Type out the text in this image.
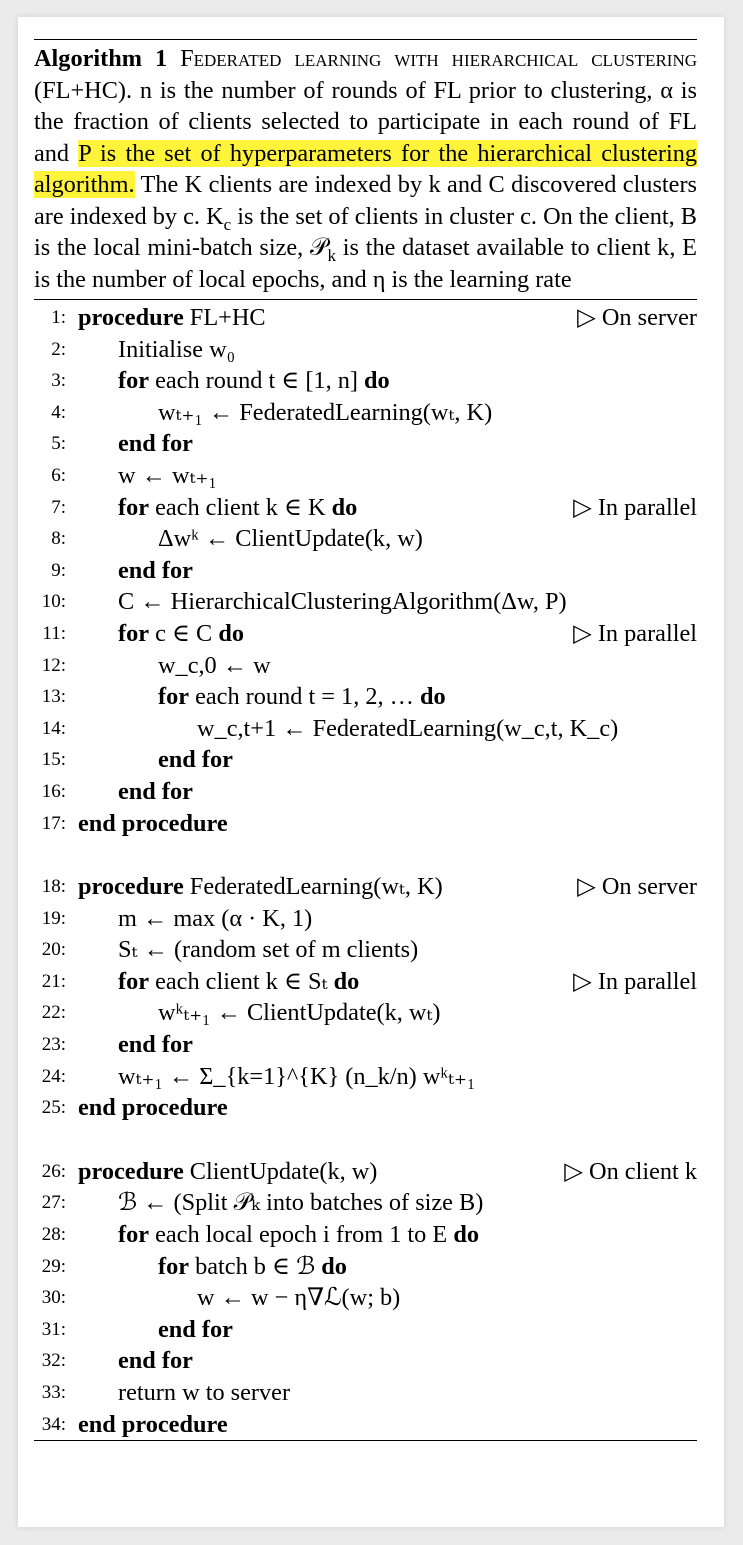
Algorithm 1 Federated learning with hierarchical clustering (FL+HC). n is the number of rounds of FL prior to clustering, α is the fraction of clients selected to participate in each round of FL and P is the set of hyperparameters for the hierarchical clustering algorithm. The K clients are indexed by k and C discovered clusters are indexed by c. $K_c$ is the set of clients in cluster c. On the client, B is the local mini-batch size, 𝒫$_k$ is the dataset available to client k, E is the number of local epochs, and η is the learning rate
1: procedure FL+HC	▷ On server
2: Initialise w₀
3: for each round t ∈ [1, n] do
4:	wₜ₊₁ ← FederatedLearning(wₜ, K)
5: end for
6: w ← wₜ₊₁
7: for each client k ∈ K do	▷ In parallel
8:	Δwᵏ ← ClientUpdate(k, w)
9: end for
10: C ← HierarchicalClusteringAlgorithm(Δw, P)
11: for c ∈ C do	▷ In parallel
12:	w_c,0 ← w
13:	for each round t = 1, 2, … do
14:	w_c,t+1 ← FederatedLearning(w_c,t, K_c)
15:	end for
16: end for
17: end procedure
18: procedure FederatedLearning(wₜ, K)	▷ On server
19: m ← max (α · K, 1)
20: Sₜ ← (random set of m clients)
21: for each client k ∈ Sₜ do	▷ In parallel
22:	wᵏₜ₊₁ ← ClientUpdate(k, wₜ)
23: end for
24: wₜ₊₁ ← Σ_{k=1}^{K} (n_k/n) wᵏₜ₊₁
25: end procedure
26: procedure ClientUpdate(k, w)	▷ On client k
27: ℬ ← (Split 𝒫ₖ into batches of size B)
28: for each local epoch i from 1 to E do
29:	for batch b ∈ ℬ do
30:	w ← w − η∇ℒ(w; b)
31:	end for
32: end for
33: return w to server
34: end procedure
